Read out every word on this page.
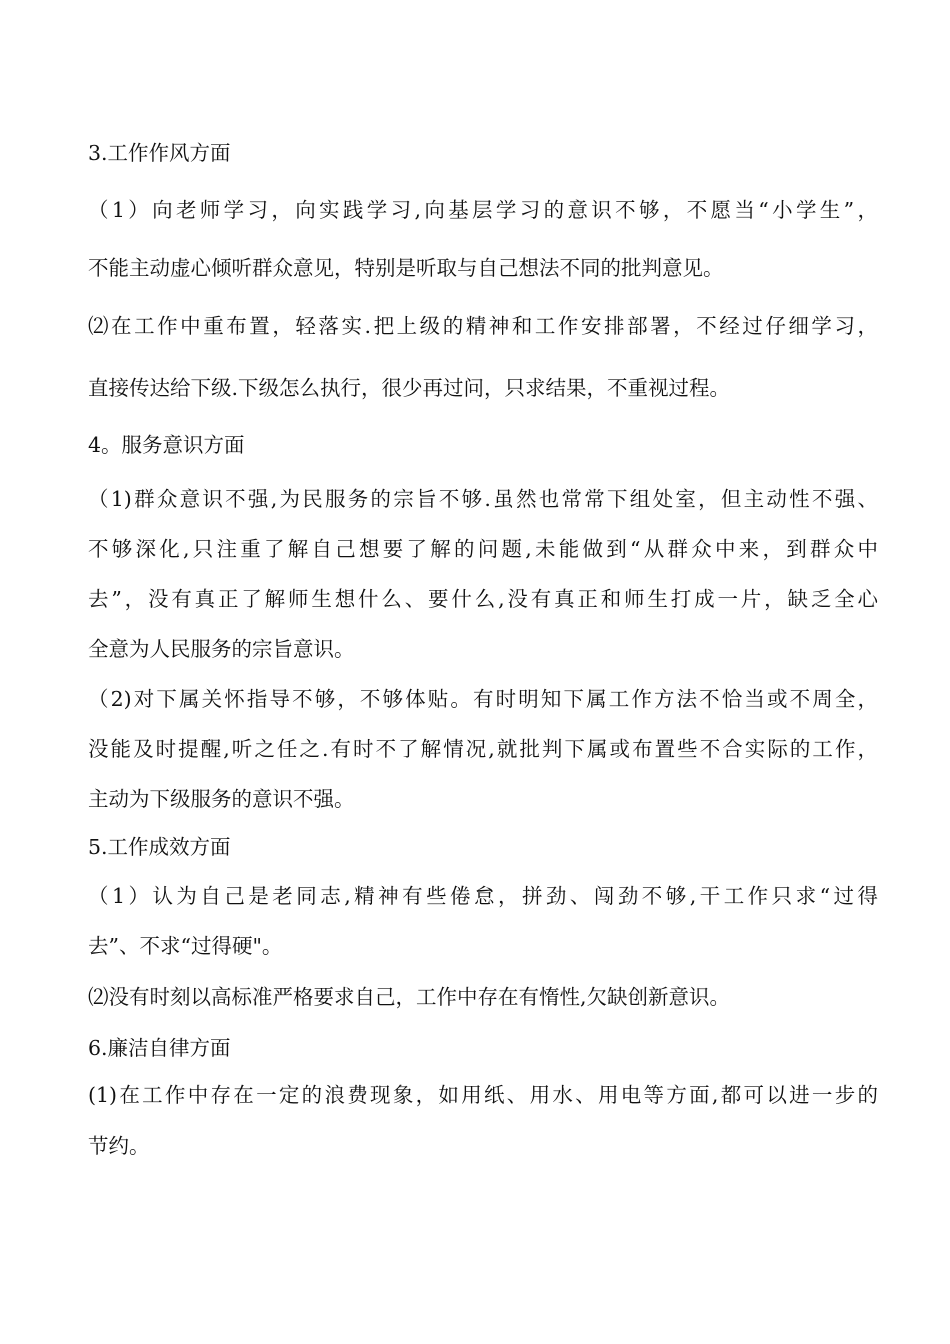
3.工作作风方面
（1）向老师学习，向实践学习,向基层学习的意识不够，不愿当“小学生”，
不能主动虚心倾听群众意见，特别是听取与自己想法不同的批判意见。
⑵在工作中重布置，轻落实.把上级的精神和工作安排部署，不经过仔细学习，
直接传达给下级.下级怎么执行，很少再过问，只求结果，不重视过程。
4。服务意识方面
（1)群众意识不强,为民服务的宗旨不够.虽然也常常下组处室，但主动性不强、
不够深化,只注重了解自己想要了解的问题,未能做到“从群众中来，到群众中
去”，没有真正了解师生想什么、要什么,没有真正和师生打成一片，缺乏全心
全意为人民服务的宗旨意识。
（2)对下属关怀指导不够，不够体贴。有时明知下属工作方法不恰当或不周全，
没能及时提醒,听之任之.有时不了解情况,就批判下属或布置些不合实际的工作，
主动为下级服务的意识不强。
5.工作成效方面
（1）认为自己是老同志,精神有些倦怠，拼劲、闯劲不够,干工作只求“过得
去”、不求“过得硬"。
⑵没有时刻以高标准严格要求自己，工作中存在有惰性,欠缺创新意识。
6.廉洁自律方面
(1)在工作中存在一定的浪费现象，如用纸、用水、用电等方面,都可以进一步的
节约。
